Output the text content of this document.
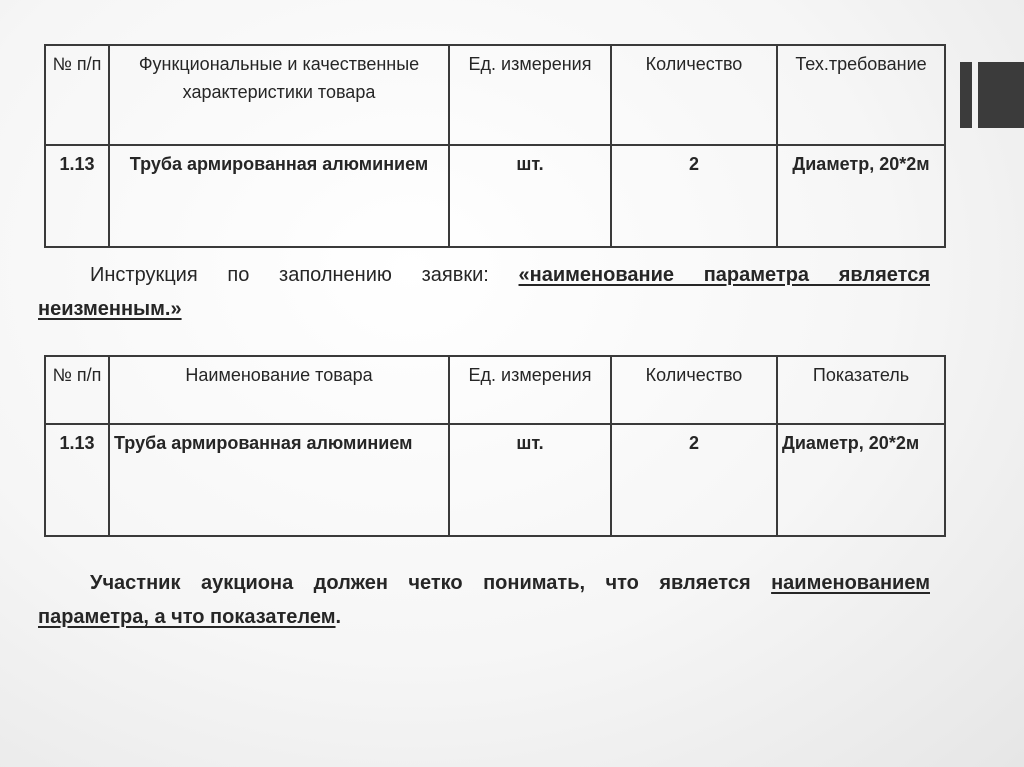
№ п/п	Функциональные и качественные характеристики товара	Ед. измерения	Количество	Тех.требование
1.13	Труба армированная алюминием	шт.	2	Диаметр, 20*2м

Инструкция по заполнению заявки: «наименование параметра является неизменным.»

№ п/п	Наименование товара	Ед. измерения	Количество	Показатель
1.13	Труба армированная алюминием	шт.	2	Диаметр, 20*2м

Участник аукциона должен четко понимать, что является наименованием параметра, а что показателем.
